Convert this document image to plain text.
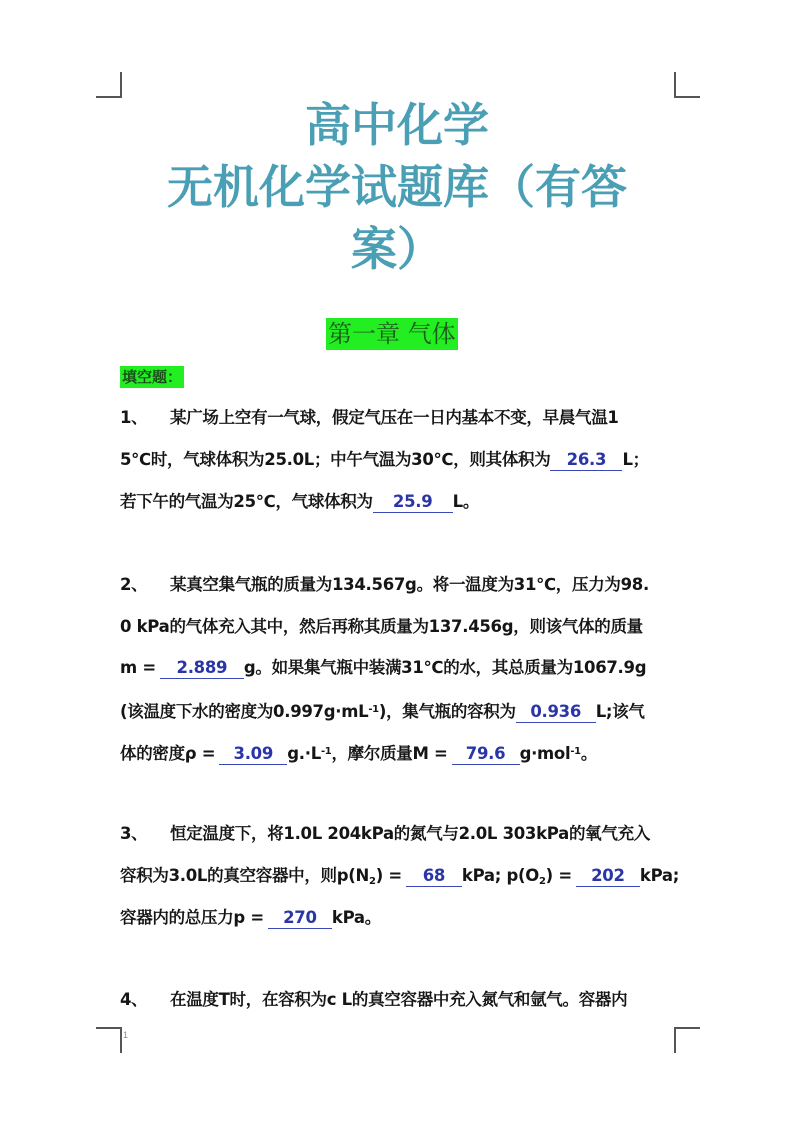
1
高中化学
无机化学试题库（有答
案）
第一章 气体
填空题：
1、 某广场上空有一气球，假定气压在一日内基本不变，早晨气温1
5℃时，气球体积为25.0L；中午气温为30℃，则其体积为 26.3 L；
若下午的气温为25℃，气球体积为 25.9 L。
2、 某真空集气瓶的质量为134.567g。将一温度为31℃，压力为98.
0 kPa的气体充入其中，然后再称其质量为137.456g，则该气体的质量
m = 2.889 g。如果集气瓶中装满31℃的水，其总质量为1067.9g
(该温度下水的密度为$0.997g\cdot mL^{-1}$)，集气瓶的容积为 0.936 L;该气
体的密度ρ = 3.09 $g.\cdot L^{-1}$，摩尔质量M = 79.6 g·mol$^{-1}$。
3、 恒定温度下，将1.0L 204kPa的氮气与2.0L 303kPa的氧气充入
容积为3.0L的真空容器中，则$p(N_2) = 68$ kPa; $p(O_2) = 202$ kPa;
容器内的总压力p = 270 kPa。
4、 在温度T时，在容积为c L的真空容器中充入氮气和氩气。容器内
